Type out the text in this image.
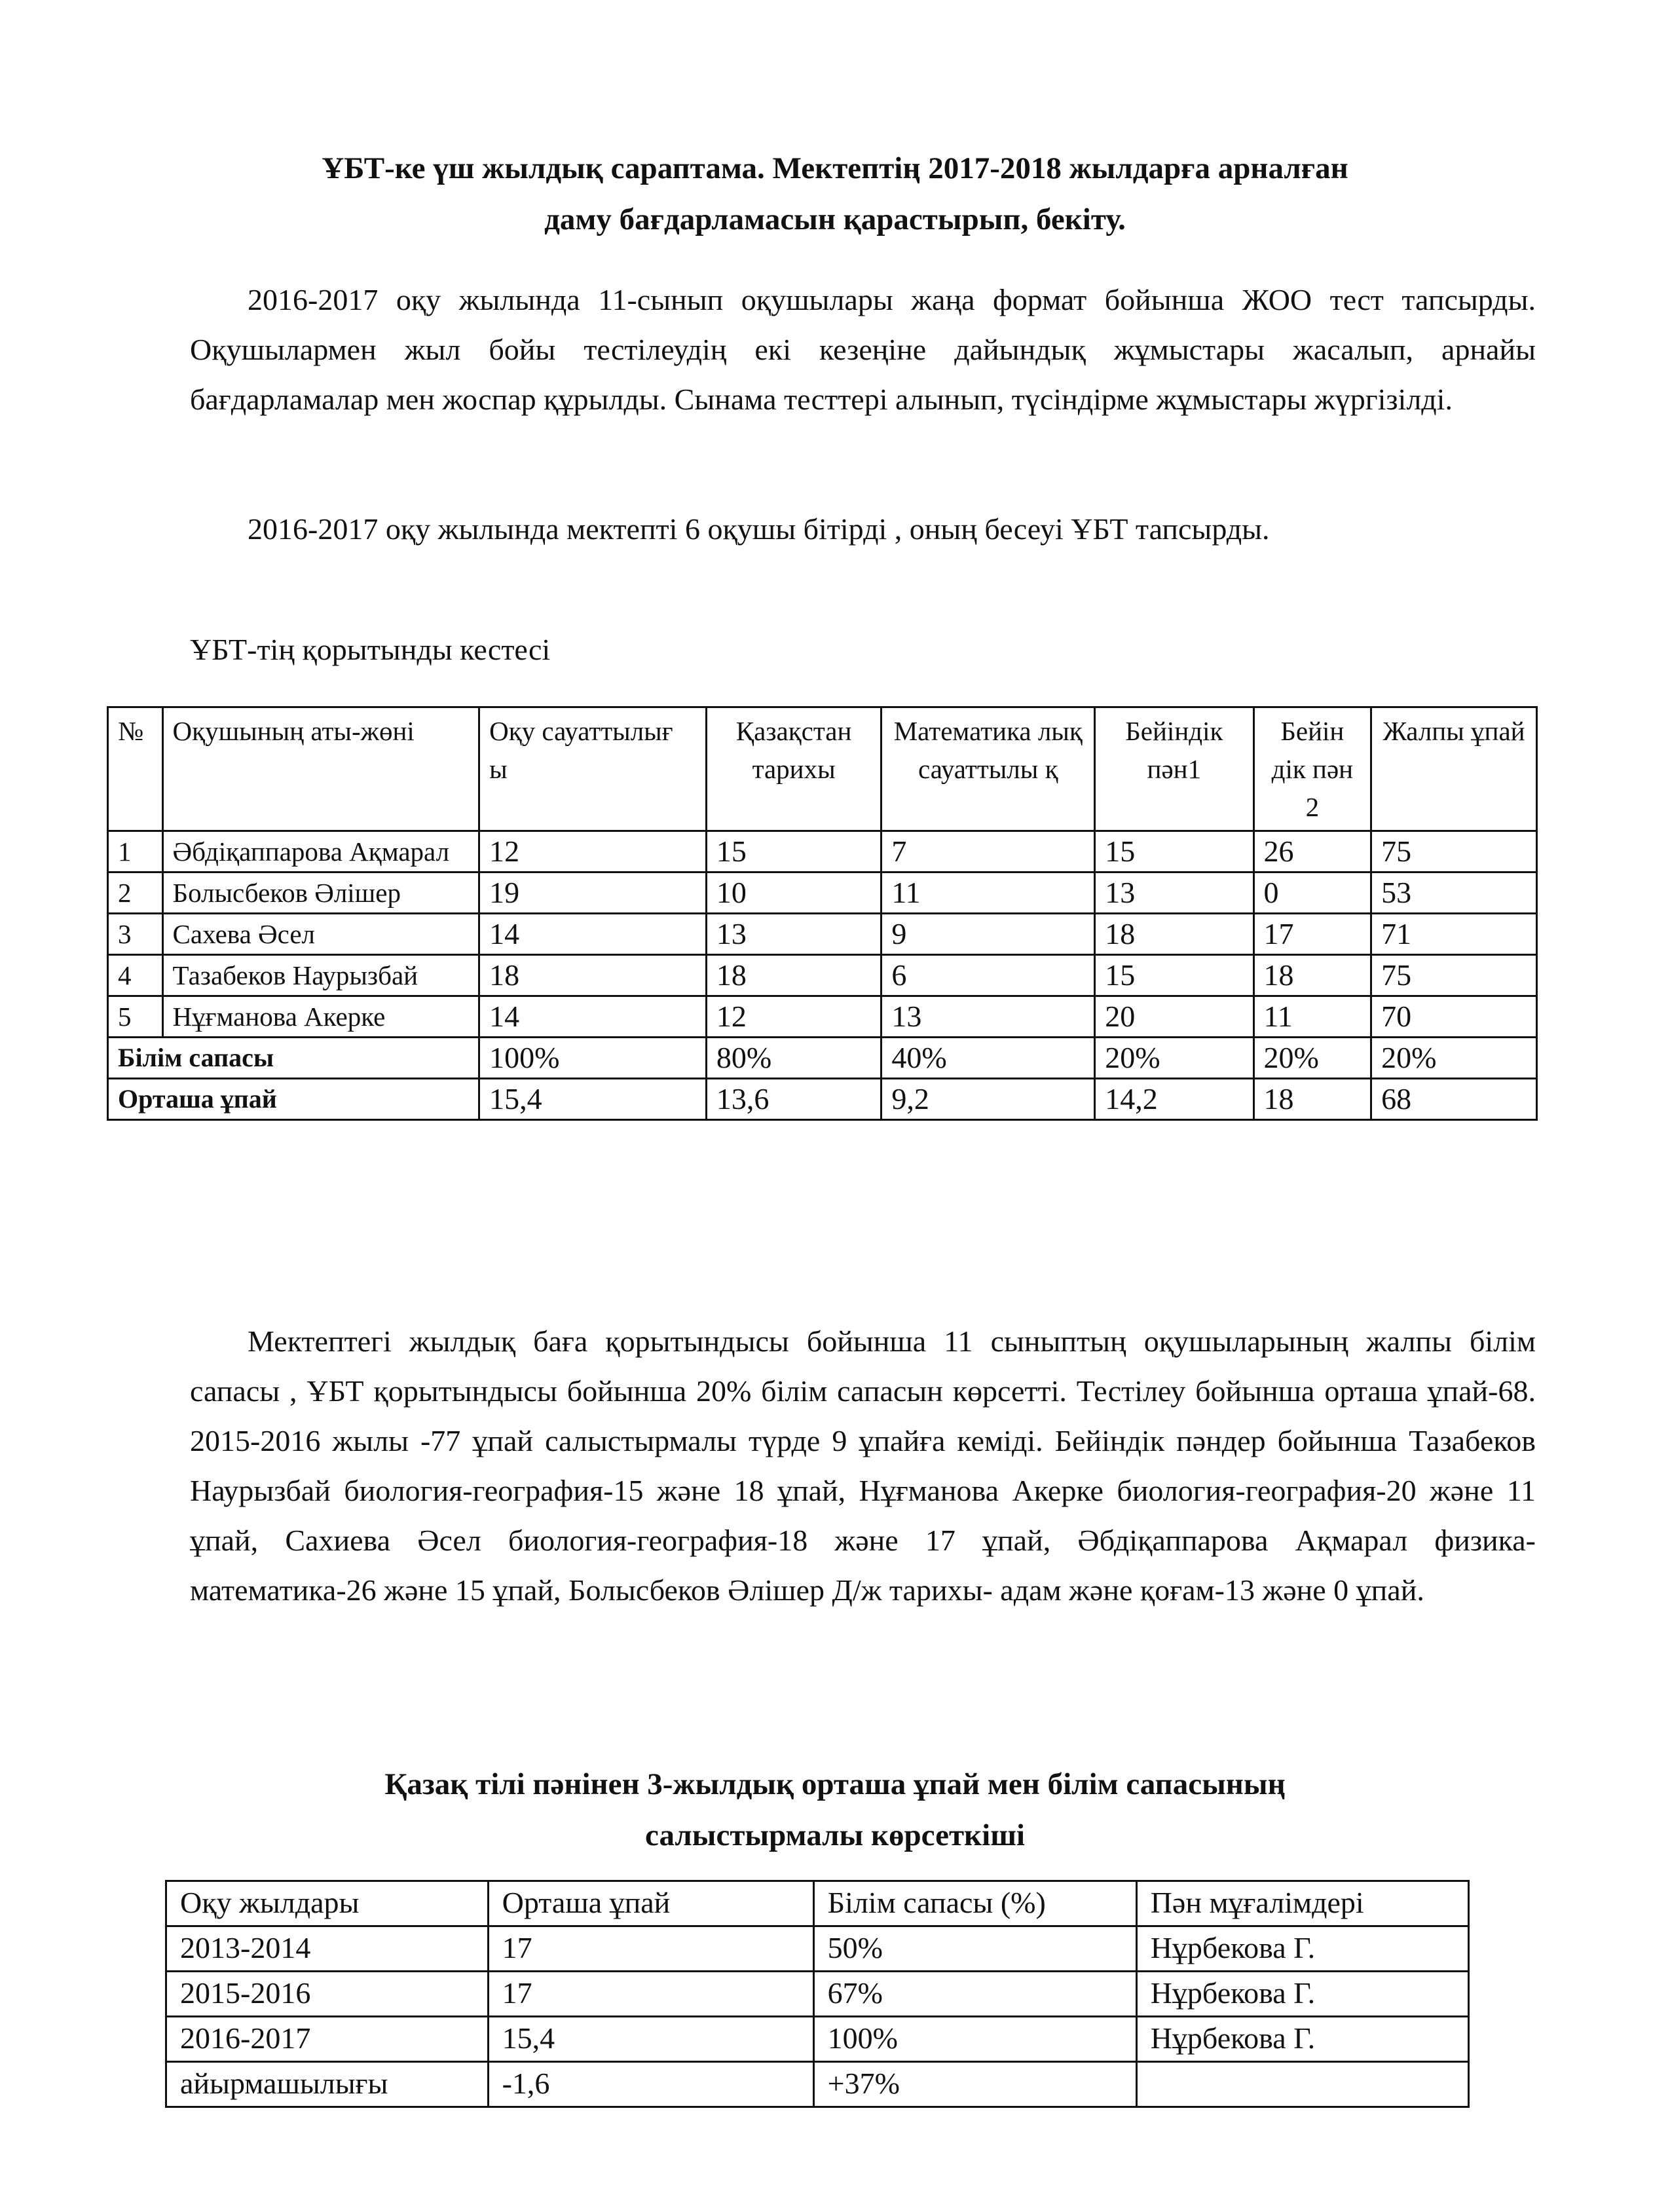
ҰБТ-ке үш жылдық сараптама. Мектептің 2017-2018 жылдарға арналған
даму бағдарламасын қарастырып, бекіту.
2016-2017 оқу жылында 11-сынып оқушылары жаңа формат бойынша ЖОО тест тапсырды. Оқушылармен жыл бойы тестілеудің екі кезеңіне дайындық жұмыстары жасалып, арнайы бағдарламалар мен жоспар құрылды. Сынама тесттері алынып, түсіндірме жұмыстары жүргізілді.
2016-2017 оқу жылында мектепті 6 оқушы бітірді , оның бесеуі ҰБТ тапсырды.
ҰБТ-тің қорытынды кестесі
№	Оқушының аты-жөні	Оқу сауаттылығ ы	Қазақстан тарихы	Математика лық сауаттылы қ	Бейіндік пән1	Бейін дік пән 2	Жалпы ұпай
1	Әбдіқаппарова Ақмарал	12	15	7	15	26	75
2	Болысбеков Әлішер	19	10	11	13	0	53
3	Сахева Әсел	14	13	9	18	17	71
4	Тазабеков Наурызбай	18	18	6	15	18	75
5	Нұғманова Акерке	14	12	13	20	11	70
Білім сапасы		100%	80%	40%	20%	20%	20%
Орташа ұпай		15,4	13,6	9,2	14,2	18	68
Мектептегі жылдық баға қорытындысы бойынша 11 сыныптың оқушыларының жалпы білім сапасы , ҰБТ қорытындысы бойынша 20% білім сапасын көрсетті. Тестілеу бойынша орташа ұпай-68. 2015-2016 жылы -77 ұпай салыстырмалы түрде 9 ұпайға кеміді. Бейіндік пәндер бойынша Тазабеков Наурызбай биология-география-15 және 18 ұпай, Нұғманова Акерке биология-география-20 және 11 ұпай, Сахиева Әсел биология-география-18 және 17 ұпай, Әбдіқаппарова Ақмарал физика- математика-26 және 15 ұпай, Болысбеков Әлішер Д/ж тарихы- адам және қоғам-13 және 0 ұпай.
Қазақ тілі пәнінен 3-жылдық орташа ұпай мен білім сапасының
салыстырмалы көрсеткіші
Оқу жылдары	Орташа ұпай	Білім сапасы (%)	Пән мұғалімдері
2013-2014	17	50%	Нұрбекова Г.
2015-2016	17	67%	Нұрбекова Г.
2016-2017	15,4	100%	Нұрбекова Г.
айырмашылығы	-1,6	+37%	
